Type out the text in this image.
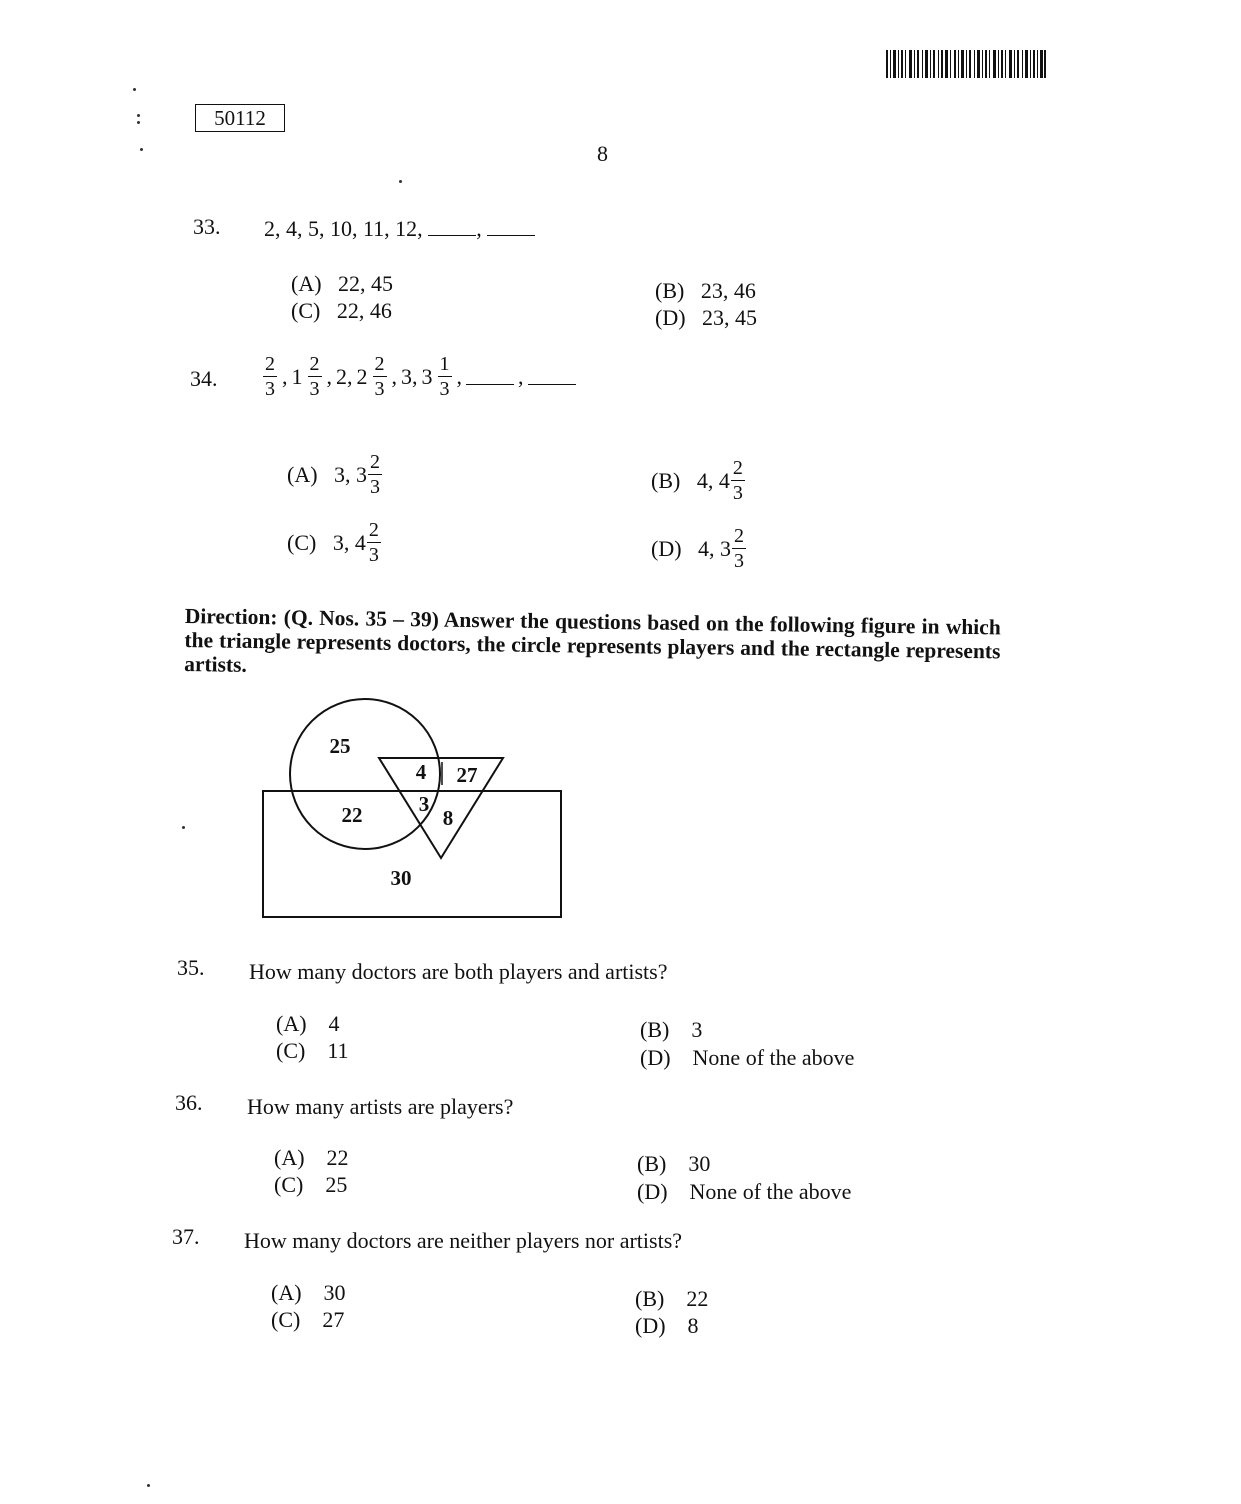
50112
8
33. 2, 4, 5, 10, 11, 12, ,
(A) 22, 45
(C) 22, 46
(B) 23, 46
(D) 23, 45
34. $\frac{2}{3}$ , $1 \frac{2}{3}$ , 2, $2 \frac{2}{3}$ , 3, $3 \frac{1}{3}$ ,	,
(A)
3, $3 \frac{2}{3}$
(C)
3, $4 \frac{2}{3}$
(B)
4, $4 \frac{2}{3}$
(D)
4, $3 \frac{2}{3}$
Direction: (Q. Nos. 35 – 39) Answer the questions based on the following figure in which the triangle represents doctors, the circle represents players and the rectangle represents artists.
25
4 27
22	3
8
30
35. How many doctors are both players and artists?
(A) 4
(C) 11
(B) 3
(D) None of the above
36. How many artists are players?
(A) 22
(C) 25
(B) 30
(D) None of the above
37. How many doctors are neither players nor artists?
(A) 30
(C) 27
(B) 22
(D) 8
